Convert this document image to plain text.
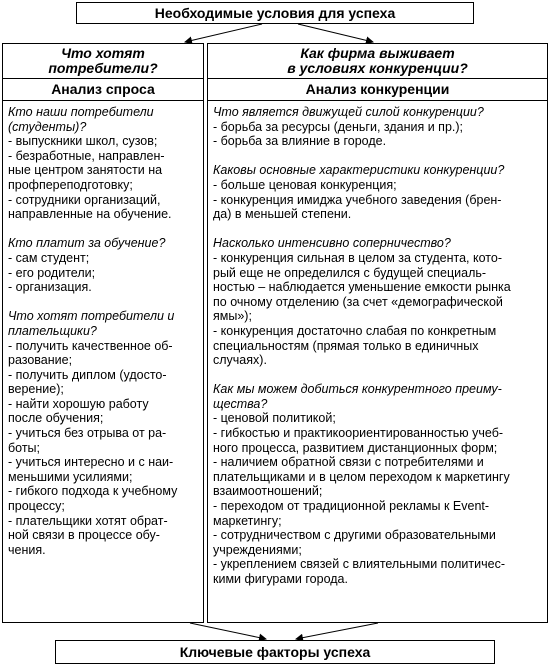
Необходимые условия для успеха
Что хотят
потребители?
Как фирма выживает
в условиях конкуренции?
Анализ спроса	Анализ конкуренции

Кто наши потребители

(студенты)?

- выпускники школ, сузов;

- безработные, направлен-

ные центром занятости на

профпереподготовку;

- сотрудники организаций,

направленные на обучение.

Кто платит за обучение?

- сам студент;

- его родители;

- организация.

Что хотят потребители и

плательщики?

- получить качественное об-

разование;

- получить диплом (удосто-

верение);

- найти хорошую работу

после обучения;

- учиться без отрыва от ра-

боты;

- учиться интересно и с наи-

меньшими усилиями;

- гибкого подхода к учебному

процессу;

- плательщики хотят обрат-

ной связи в процессе обу-

чения.

Что является движущей силой конкуренции?

- борьба за ресурсы (деньги, здания и пр.);

- борьба за влияние в городе.

Каковы основные характеристики конкуренции?

- больше ценовая конкуренция;

- конкуренция имиджа учебного заведения (брен-

да) в меньшей степени.

Насколько интенсивно соперничество?

- конкуренция сильная в целом за студента, кото-

рый еще не определился с будущей специаль-

ностью – наблюдается уменьшение емкости рынка

по очному отделению (за счет «демографической

ямы»);

- конкуренция достаточно слабая по конкретным

специальностям (прямая только в единичных

случаях).

Как мы можем добиться конкурентного преиму-

щества?

- ценовой политикой;

- гибкостью и практикоориентированностью учеб-

ного процесса, развитием дистанционных форм;

- наличием обратной связи с потребителями и

плательщиками и в целом переходом к маркетингу

взаимоотношений;

- переходом от традиционной рекламы к Event-

маркетингу;

- сотрудничеством с другими образовательными

учреждениями;

- укреплением связей с влиятельными политичес-

кими фигурами города.

Ключевые факторы успеха
